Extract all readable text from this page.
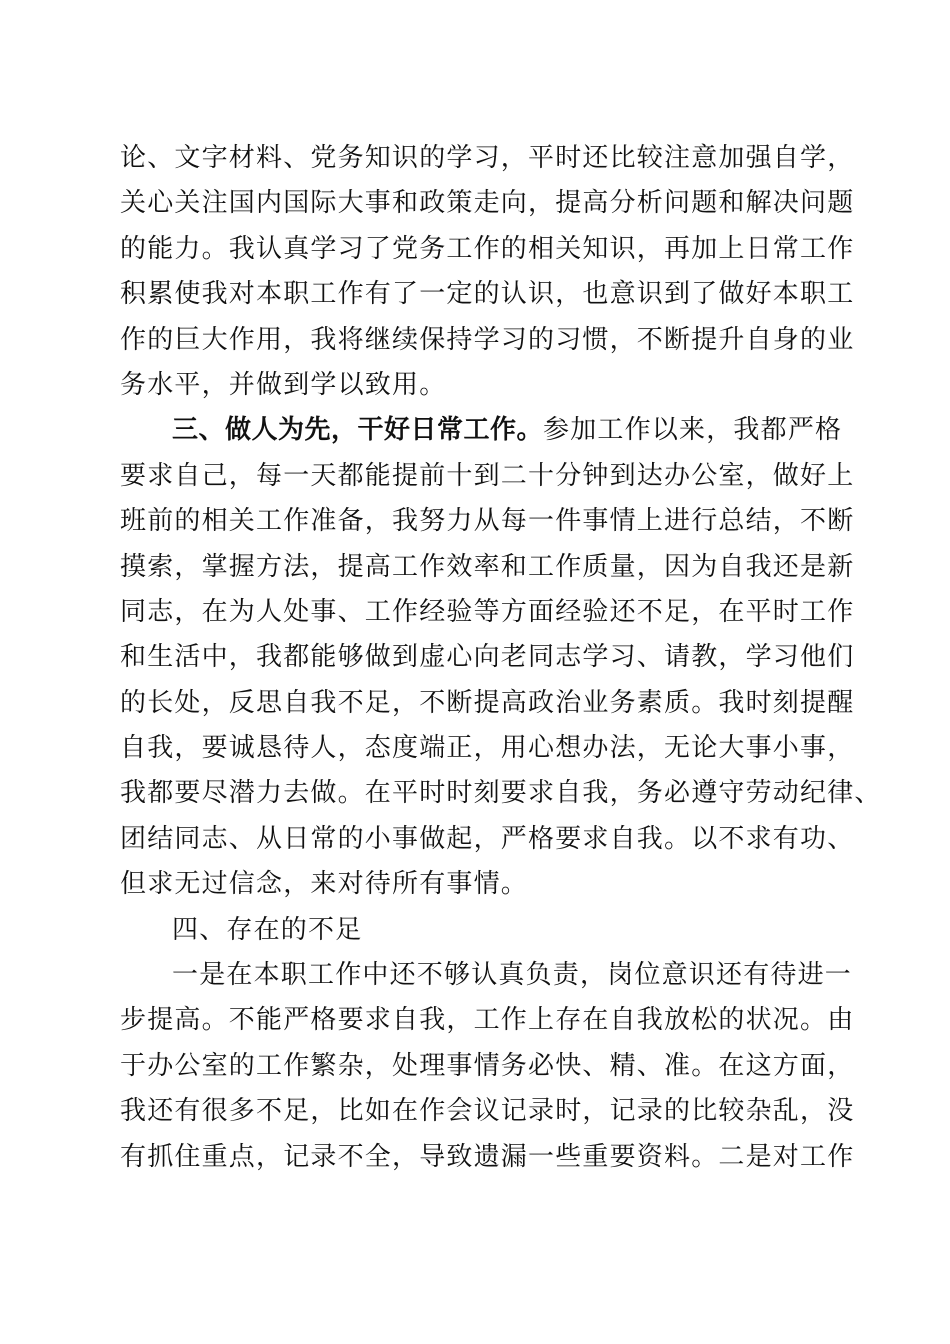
论、文字材料、党务知识的学习，平时还比较注意加强自学，
关心关注国内国际大事和政策走向，提高分析问题和解决问题
的能力。我认真学习了党务工作的相关知识，再加上日常工作
积累使我对本职工作有了一定的认识，也意识到了做好本职工
作的巨大作用，我将继续保持学习的习惯，不断提升自身的业
务水平，并做到学以致用。
三、做人为先，干好日常工作。参加工作以来，我都严格
要求自己，每一天都能提前十到二十分钟到达办公室，做好上
班前的相关工作准备，我努力从每一件事情上进行总结，不断
摸索，掌握方法，提高工作效率和工作质量，因为自我还是新
同志，在为人处事、工作经验等方面经验还不足，在平时工作
和生活中，我都能够做到虚心向老同志学习、请教，学习他们
的长处，反思自我不足，不断提高政治业务素质。我时刻提醒
自我，要诚恳待人，态度端正，用心想办法，无论大事小事，
我都要尽潜力去做。在平时时刻要求自我，务必遵守劳动纪律、
团结同志、从日常的小事做起，严格要求自我。以不求有功、
但求无过信念，来对待所有事情。
四、存在的不足
一是在本职工作中还不够认真负责，岗位意识还有待进一
步提高。不能严格要求自我，工作上存在自我放松的状况。由
于办公室的工作繁杂，处理事情务必快、精、准。在这方面，
我还有很多不足，比如在作会议记录时，记录的比较杂乱，没
有抓住重点，记录不全，导致遗漏一些重要资料。二是对工作
